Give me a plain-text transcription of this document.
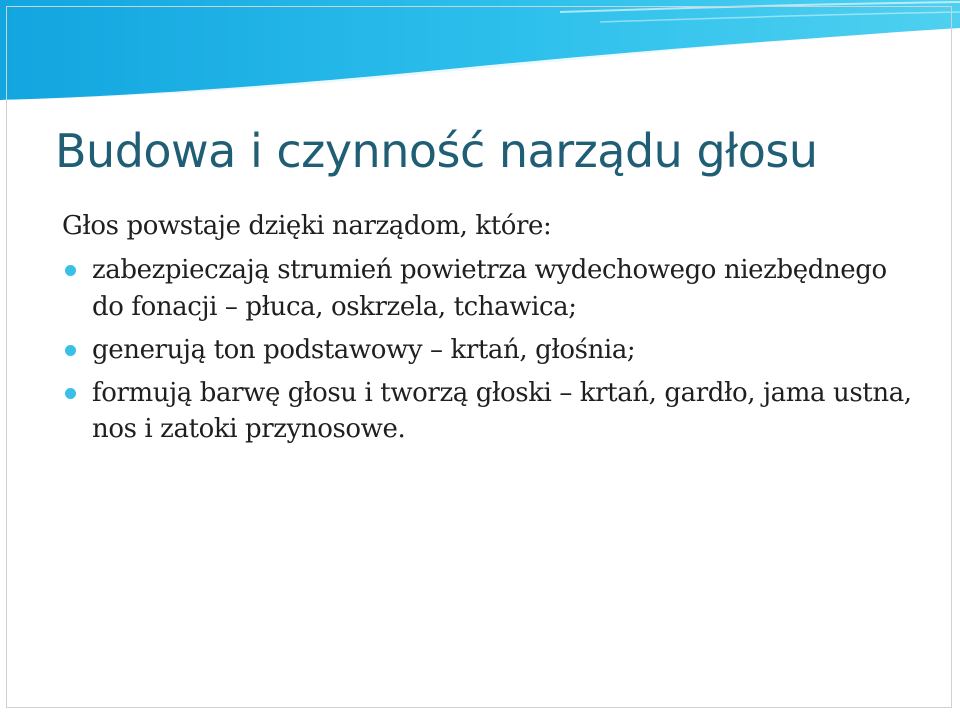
Budowa i czynność narządu głosu

Głos powstaje dzięki narządom, które:

zabezpieczają strumień powietrza wydechowego niezbędnego do fonacji – płuca, oskrzela, tchawica;
generują ton podstawowy – krtań, głośnia;
formują barwę głosu i tworzą głoski – krtań, gardło, jama ustna, nos i zatoki przynosowe.
